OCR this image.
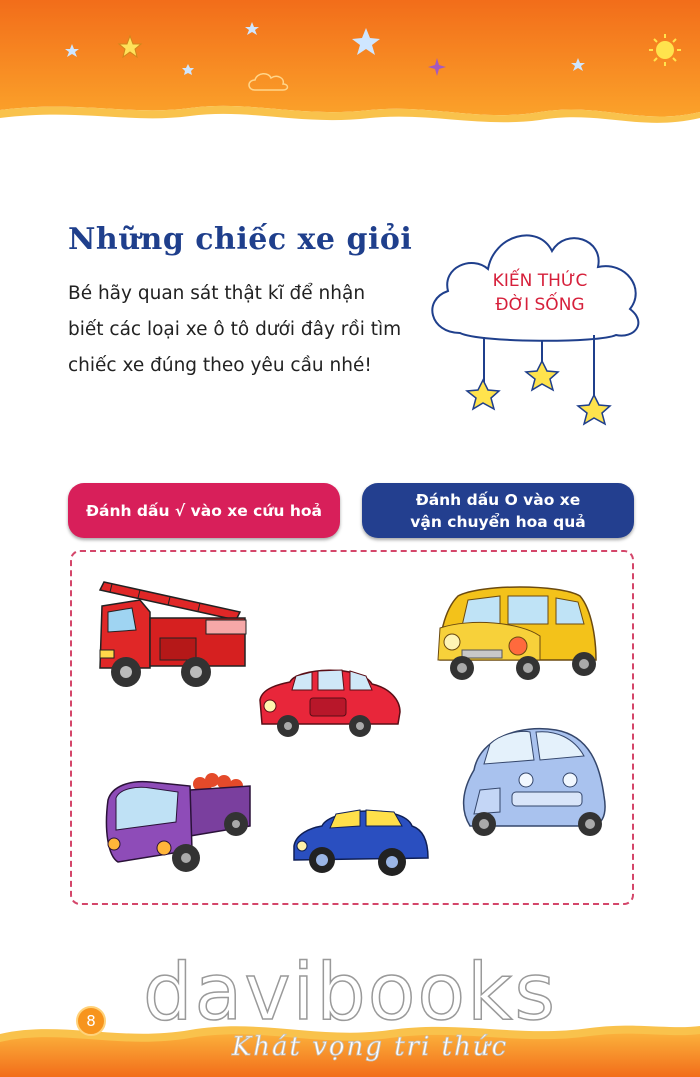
Những chiếc xe giỏi
Bé hãy quan sát thật kĩ để nhận
biết các loại xe ô tô dưới đây rồi tìm
chiếc xe đúng theo yêu cầu nhé!
KIẾN THỨC
ĐỜI SỐNG
Đánh dấu √ vào xe cứu hoả
Đánh dấu O vào xe
vận chuyển hoa quả
8 davibooks
Khát vọng tri thức
